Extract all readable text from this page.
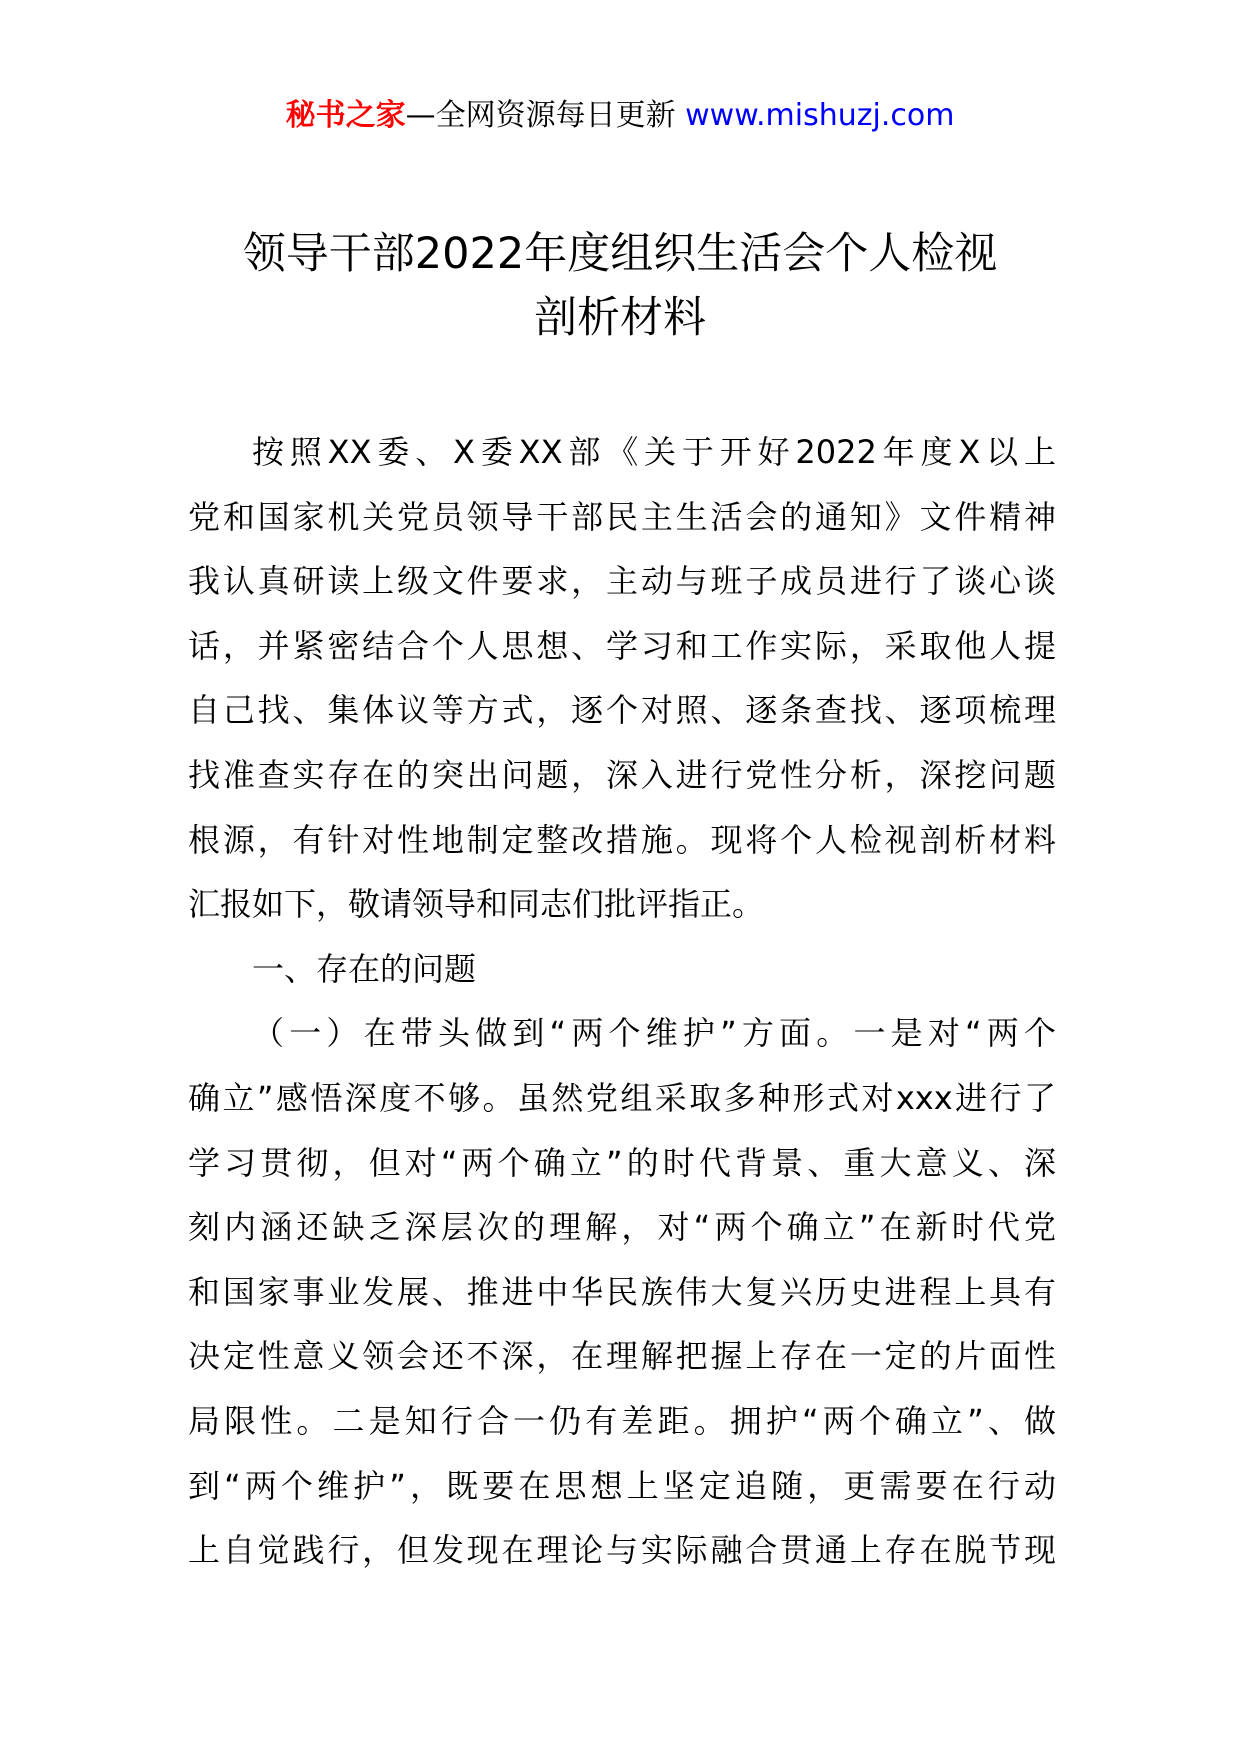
秘书之家—全网资源每日更新 www.mishuzj.com
领导干部2022年度组织生活会个人检视
剖析材料
按照XX委、X委XX部《关于开好2022年度X以上
党和国家机关党员领导干部民主生活会的通知》文件精神
我认真研读上级文件要求，主动与班子成员进行了谈心谈
话，并紧密结合个人思想、学习和工作实际，采取他人提
自己找、集体议等方式，逐个对照、逐条查找、逐项梳理
找准查实存在的突出问题，深入进行党性分析，深挖问题
根源，有针对性地制定整改措施。现将个人检视剖析材料
汇报如下，敬请领导和同志们批评指正。
一、存在的问题
（一）在带头做到“两个维护”方面。一是对“两个
确立”感悟深度不够。虽然党组采取多种形式对xxx进行了
学习贯彻，但对“两个确立”的时代背景、重大意义、深
刻内涵还缺乏深层次的理解，对“两个确立”在新时代党
和国家事业发展、推进中华民族伟大复兴历史进程上具有
决定性意义领会还不深，在理解把握上存在一定的片面性
局限性。二是知行合一仍有差距。拥护“两个确立”、做
到“两个维护”，既要在思想上坚定追随，更需要在行动
上自觉践行，但发现在理论与实际融合贯通上存在脱节现
